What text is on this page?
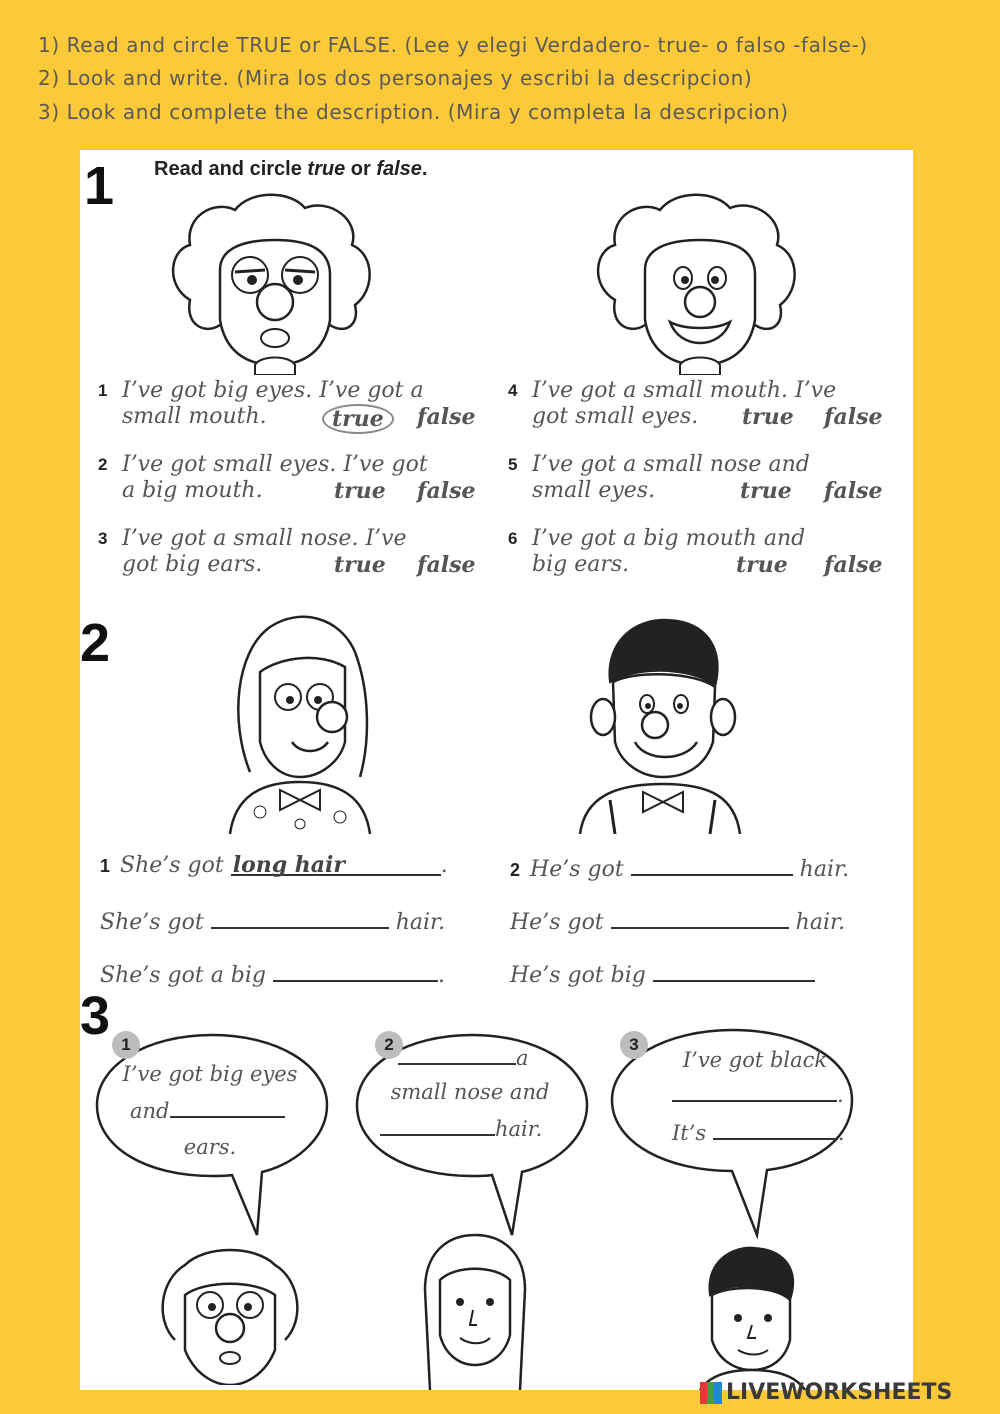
1) Read and circle TRUE or FALSE. (Lee y elegi Verdadero- true- o falso -false-)
2) Look and write. (Mira los dos personajes y escribi la descripcion)
3) Look and complete the description. (Mira y completa la descripcion)
1 Read and circle true or false.
1 I’ve got big eyes. I’ve got a
small mouth.	true	false
2 I’ve got small eyes. I’ve got
a big mouth.	true false
3 I’ve got a small nose. I’ve
got big ears.	true false
4 I’ve got a small mouth. I’ve
got small eyes.	true false
5 I’ve got a small nose and
small eyes.	true false
6 I’ve got a big mouth and
big ears.	true false
2
1 She’s got long hair	.
She’s got	hair.
She’s got a big	.
2 He’s got	hair.
He’s got	hair.
He’s got big
3 1
I’ve got big eyes
and
ears.
2
a
small nose and
hair.
3
I’ve got black
.
It’s	.
LIVEWORKSHEETS
